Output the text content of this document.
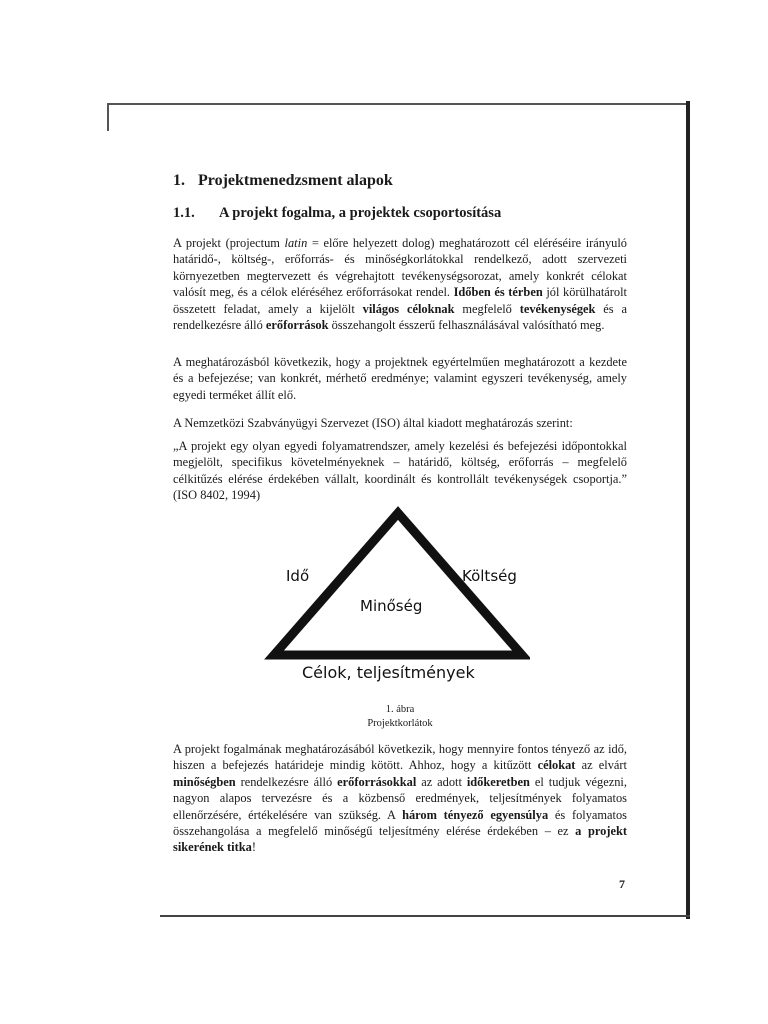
1. Projektmenedzsment alapok
1.1. A projekt fogalma, a projektek csoportosítása
A projekt (projectum latin = előre helyezett dolog) meghatározott cél eléréséire irányuló határidő-, költség-, erőforrás- és minőségkorlátokkal rendelkező, adott szervezeti környezetben megtervezett és végrehajtott tevékenységsorozat, amely konkrét célokat valósít meg, és a célok eléréséhez erőforrásokat rendel. Időben és térben jól körülhatárolt összetett feladat, amely a kijelölt világos céloknak megfelelő tevékenységek és a rendelkezésre álló erőforrások összehangolt ésszerű felhasználásával valósítható meg.
A meghatározásból következik, hogy a projektnek egyértelműen meghatározott a kezdete és a befejezése; van konkrét, mérhető eredménye; valamint egyszeri tevékenység, amely egyedi terméket állít elő.
A Nemzetközi Szabványügyi Szervezet (ISO) által kiadott meghatározás szerint:
„A projekt egy olyan egyedi folyamatrendszer, amely kezelési és befejezési időpontokkal megjelölt, specifikus követelményeknek – határidő, költség, erőforrás – megfelelő célkitűzés elérése érdekében vállalt, koordinált és kontrollált tevékenységek csoportja.” (ISO 8402, 1994)
Idő	Költség
Minőség
Célok, teljesítmények
1. ábra
Projektkorlátok
A projekt fogalmának meghatározásából következik, hogy mennyire fontos tényező az idő, hiszen a befejezés határideje mindig kötött. Ahhoz, hogy a kitűzött célokat az elvárt minőségben rendelkezésre álló erőforrásokkal az adott időkeretben el tudjuk végezni, nagyon alapos tervezésre és a közbenső eredmények, teljesítmények folyamatos ellenőrzésére, értékelésére van szükség. A három tényező egyensúlya és folyamatos összehangolása a megfelelő minőségű teljesítmény elérése érdekében – ez a projekt sikerének titka!
7
